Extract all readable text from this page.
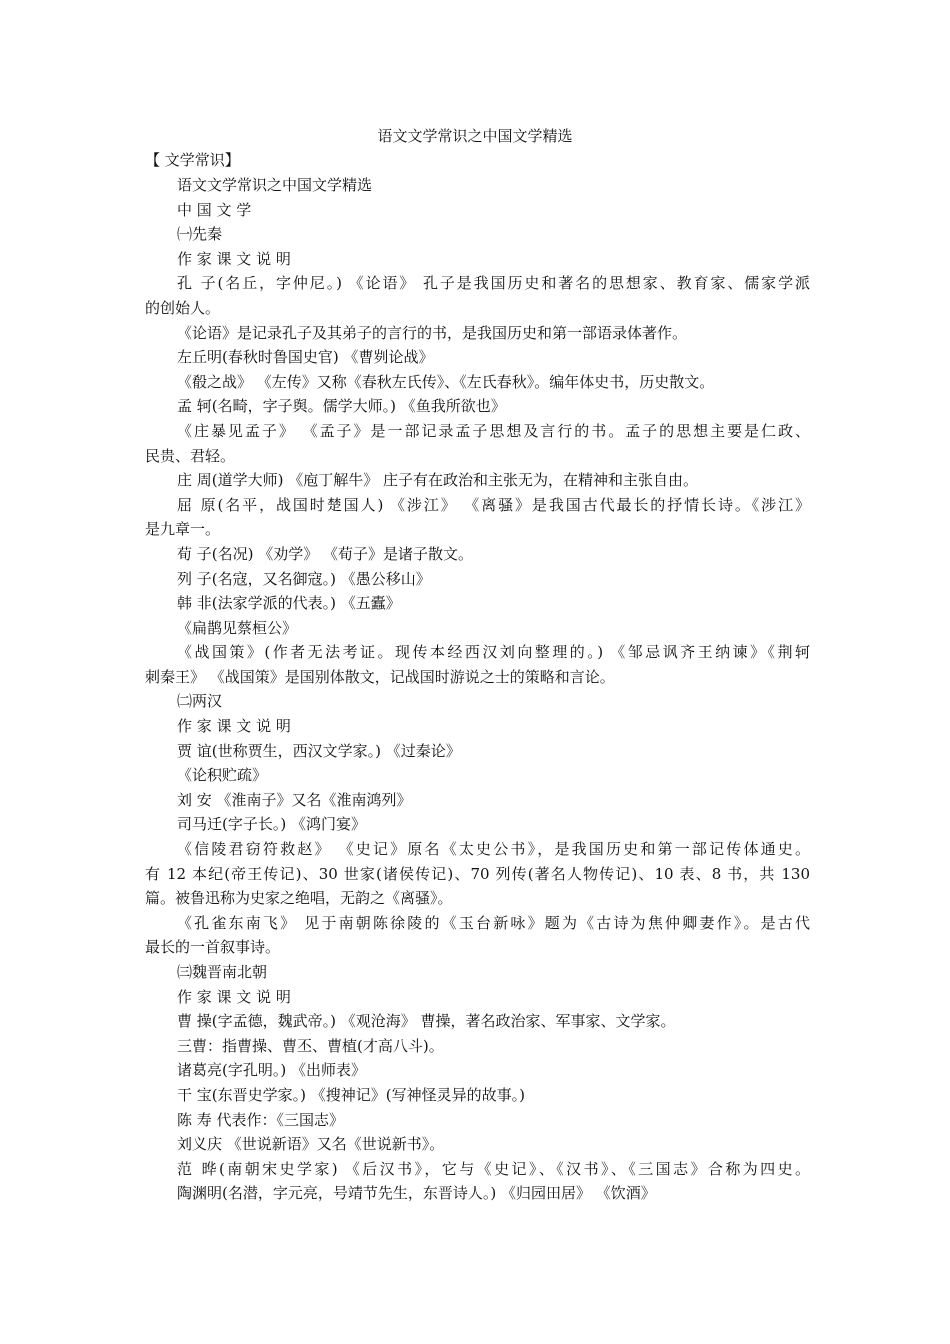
语文文学常识之中国文学精选
【 文学常识】
语文文学常识之中国文学精选
中 国 文 学
㈠先秦
作 家 课 文 说 明
孔 子(名丘，字仲尼。) 《论语》 孔子是我国历史和著名的思想家、教育家、儒家学派
的创始人。
《论语》是记录孔子及其弟子的言行的书，是我国历史和第一部语录体著作。
左丘明(春秋时鲁国史官) 《曹刿论战》
《殽之战》 《左传》又称《春秋左氏传》、《左氏春秋》。编年体史书，历史散文。
孟 轲(名畸，字子舆。儒学大师。) 《鱼我所欲也》
《庄暴见孟子》 《孟子》是一部记录孟子思想及言行的书。孟子的思想主要是仁政、
民贵、君轻。
庄 周(道学大师) 《庖丁解牛》 庄子有在政治和主张无为，在精神和主张自由。
屈 原(名平，战国时楚国人) 《涉江》 《离骚》是我国古代最长的抒情长诗。《涉江》
是九章一。
荀 子(名况) 《劝学》 《荀子》是诸子散文。
列 子(名寇，又名御寇。) 《愚公移山》
韩 非(法家学派的代表。) 《五蠹》
《扁鹊见蔡桓公》
《战国策》(作者无法考证。现传本经西汉刘向整理的。) 《邹忌讽齐王纳谏》《荆轲
刺秦王》 《战国策》是国别体散文，记战国时游说之士的策略和言论。
㈡两汉
作 家 课 文 说 明
贾 谊(世称贾生，西汉文学家。) 《过秦论》
《论积贮疏》
刘 安 《淮南子》又名《淮南鸿列》
司马迁(字子长。) 《鸿门宴》
《信陵君窃符救赵》 《史记》原名《太史公书》，是我国历史和第一部记传体通史。
有 12 本纪(帝王传记)、30 世家(诸侯传记)、70 列传(著名人物传记)、10 表、8 书，共 130
篇。被鲁迅称为史家之绝唱，无韵之《离骚》。
《孔雀东南飞》 见于南朝陈徐陵的《玉台新咏》题为《古诗为焦仲卿妻作》。是古代
最长的一首叙事诗。
㈢魏晋南北朝
作 家 课 文 说 明
曹 操(字孟德，魏武帝。) 《观沧海》 曹操，著名政治家、军事家、文学家。
三曹：指曹操、曹丕、曹植(才高八斗)。
诸葛亮(字孔明。) 《出师表》
干 宝(东晋史学家。) 《搜神记》(写神怪灵异的故事。)
陈 寿 代表作：《三国志》
刘义庆 《世说新语》又名《世说新书》。
范 晔(南朝宋史学家) 《后汉书》，它与《史记》、《汉书》、《三国志》合称为四史。
陶渊明(名潜，字元亮，号靖节先生，东晋诗人。) 《归园田居》 《饮酒》
